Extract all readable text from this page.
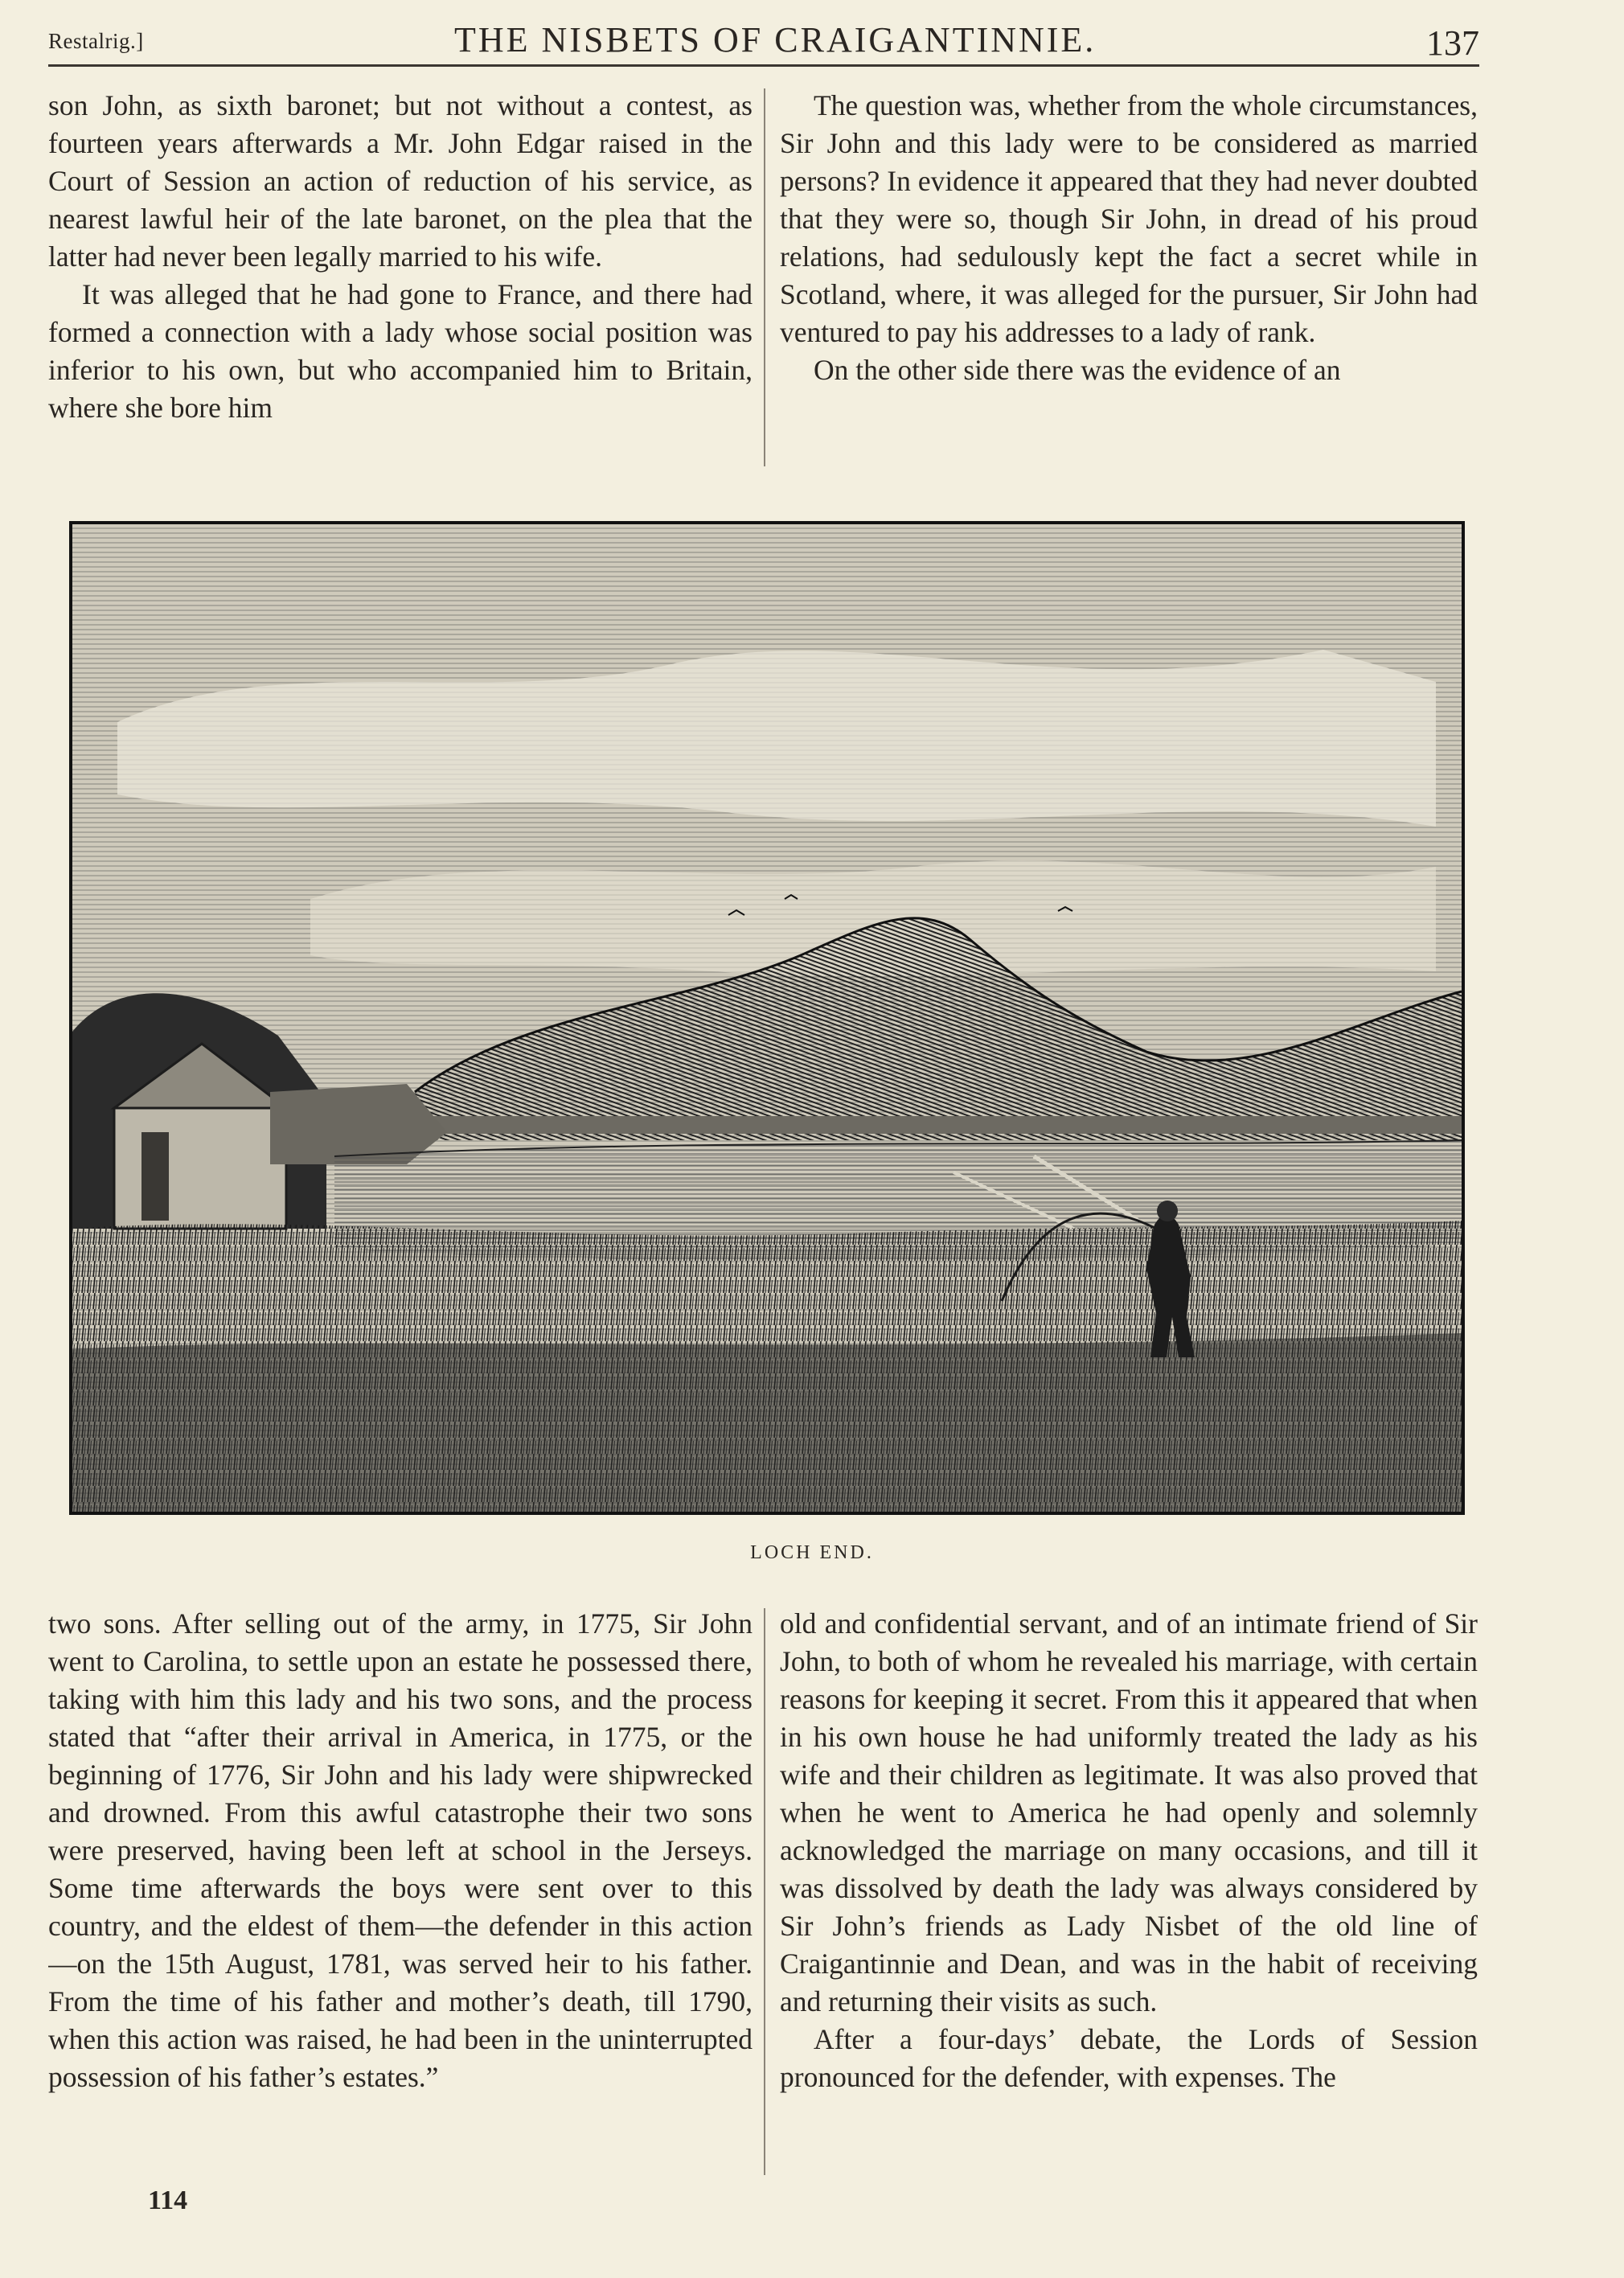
Restalrig.]	THE NISBETS OF CRAIGANTINNIE.	137

son John, as sixth baronet; but not without a contest, as fourteen years afterwards a Mr. John Edgar raised in the Court of Session an action of reduction of his service, as nearest lawful heir of the late baronet, on the plea that the latter had never been legally married to his wife.

It was alleged that he had gone to France, and there had formed a connection with a lady whose social position was inferior to his own, but who accompanied him to Britain, where she bore him

The question was, whether from the whole circumstances, Sir John and this lady were to be considered as married persons? In evidence it appeared that they had never doubted that they were so, though Sir John, in dread of his proud relations, had sedulously kept the fact a secret while in Scotland, where, it was alleged for the pursuer, Sir John had ventured to pay his addresses to a lady of rank.

On the other side there was the evidence of an

LOCH END.

two sons. After selling out of the army, in 1775, Sir John went to Carolina, to settle upon an estate he possessed there, taking with him this lady and his two sons, and the process stated that “after their arrival in America, in 1775, or the beginning of 1776, Sir John and his lady were shipwrecked and drowned. From this awful catastrophe their two sons were preserved, having been left at school in the Jerseys. Some time afterwards the boys were sent over to this country, and the eldest of them—the defender in this action—on the 15th August, 1781, was served heir to his father. From the time of his father and mother’s death, till 1790, when this action was raised, he had been in the uninterrupted possession of his father’s estates.”

old and confidential servant, and of an intimate friend of Sir John, to both of whom he revealed his marriage, with certain reasons for keeping it secret. From this it appeared that when in his own house he had uniformly treated the lady as his wife and their children as legitimate. It was also proved that when he went to America he had openly and solemnly acknowledged the marriage on many occasions, and till it was dissolved by death the lady was always considered by Sir John’s friends as Lady Nisbet of the old line of Craigantinnie and Dean, and was in the habit of receiving and returning their visits as such.

After a four-days’ debate, the Lords of Session pronounced for the defender, with expenses. The

114
